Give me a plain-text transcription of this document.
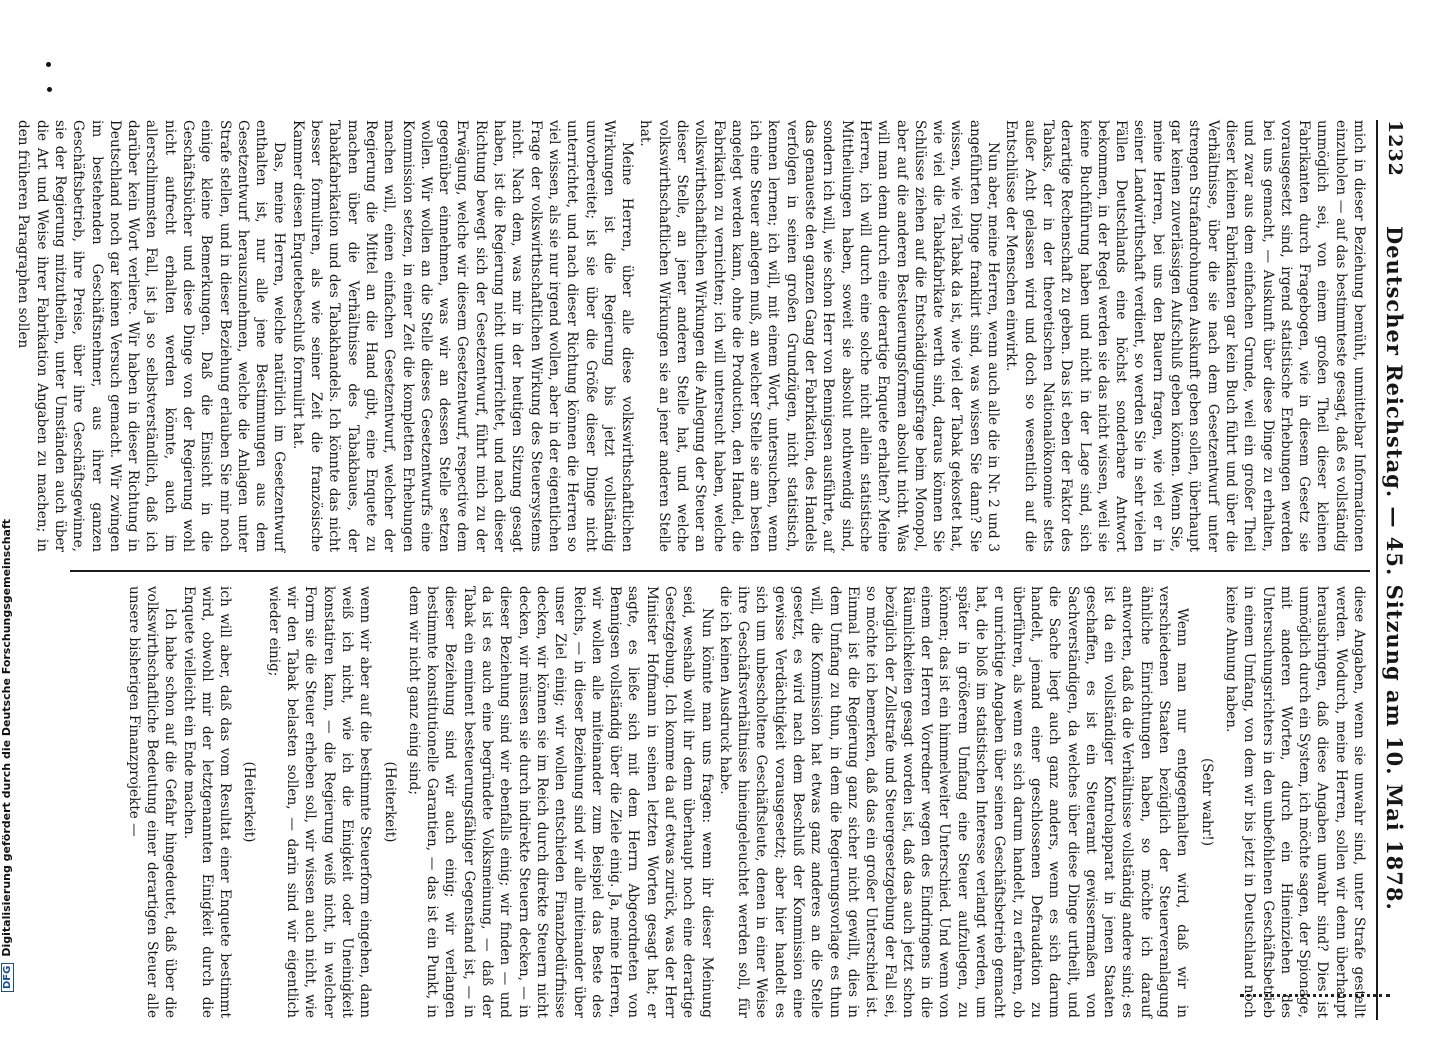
1232
Deutscher Reichstag. — 45. Sitzung am 10. Mai 1878.

mich in dieser Beziehung bemüht, unmittelbar Informationen einzuholen — auf das bestimmteste gesagt, daß es vollständig unmöglich sei, von einem großen Theil dieser kleinen Fabrikanten durch Fragebogen, wie in diesem Gesetz sie vorausgesetzt sind, irgend statistische Erhebungen werden bei uns gemacht, — Auskunft über diese Dinge zu erhalten, und zwar aus dem einfachen Grunde, weil ein großer Theil dieser kleinen Fabrikanten gar kein Buch führt und über die Verhältnisse, über die sie nach dem Gesetzentwurf unter strengen Strafandrohungen Auskunft geben sollen, überhaupt gar keinen zuverlässigen Aufschluß geben können. Wenn Sie, meine Herren, bei uns den Bauern fragen, wie viel er in seiner Landwirthschaft verdient, so werden Sie in sehr vielen Fällen Deutschlands eine höchst sonderbare Antwort bekommen, in der Regel werden sie das nicht wissen, weil sie keine Buchführung haben und nicht in der Lage sind, sich derartige Rechenschaft zu geben. Das ist eben der Faktor des Tabaks, der in der theoretischen Nationalökonomie stets außer Acht gelassen wird und doch so wesentlich auf die Entschlüsse der Menschen einwirkt.

Nun aber, meine Herren, wenn auch alle die in Nr. 2 und 3 angeführten Dinge franklirt sind, was wissen Sie dann? Sie wissen, wie viel Tabak da ist, wie viel der Tabak gekostet hat, wie viel die Tabakfabrikate werth sind, daraus können Sie Schlüsse ziehen auf die Entschädigungsfrage beim Monopol, aber auf die anderen Besteuerungsformen absolut nicht. Was will man denn durch eine derartige Enquete erhalten? Meine Herren, ich will durch eine solche nicht allein statistische Mittheilungen haben, soweit sie absolut nothwendig sind, sondern ich will, wie schon Herr von Bennigsen ausführte, auf das genaueste den ganzen Gang der Fabrikation, des Handels verfolgen in seinen großen Grundzügen, nicht statistisch, kennen lernen; ich will, mit einem Wort, untersuchen, wenn ich eine Steuer anlegen muß, an welcher Stelle sie am besten angelegt werden kann, ohne die Production, den Handel, die Fabrikation zu vernichten; ich will untersucht haben, welche volkswirthschaftlichen Wirkungen die Anlegung der Steuer an dieser Stelle, an jener anderen Stelle hat, und welche volkswirthschaftlichen Wirkungen sie an jener anderen Stelle hat.

Meine Herren, über alle diese volkswirthschaftlichen Wirkungen ist die Regierung bis jetzt vollständig unvorbereitet; ist sie über die Größe dieser Dinge nicht unterrichtet, und nach dieser Richtung können die Herren so viel wissen, als sie nur irgend wollen, aber in der eigentlichen Frage der volkswirthschaftlichen Wirkung des Steuersystems nicht. Nach dem, was mir in der heutigen Sitzung gesagt haben, ist die Regierung nicht unterrichtet, und nach dieser Richtung bewegt sich der Gesetzentwurf, führt mich zu der Erwägung, welche wir diesem Gesetzentwurf, respective dem gegenüber einnehmen, was wir an dessen Stelle setzen wollen. Wir wollen an die Stelle dieses Gesetzentwurfs eine Kommission setzen, in einer Zeit die kompletten Erhebungen machen will, einen einfachen Gesetzentwurf, welcher der Regierung die Mittel an die Hand gibt, eine Enquete zu machen über die Verhältnisse des Tabakbaues, der Tabakfabrikation und des Tabakhandels. Ich könnte das nicht besser formuliren, als wie seiner Zeit die französische Kammer diesen Enquetebeschluß formulirt hat.

Das, meine Herren, welche natürlich im Gesetzentwurf enthalten ist, nur alle jene Bestimmungen aus dem Gesetzentwurf herauszunehmen, welche die Anlagen unter Strafe stellen, und in dieser Beziehung erlauben Sie mir noch einige kleine Bemerkungen. Daß die Einsicht in die Geschäftsbücher und diese Dinge von der Regierung wohl nicht aufrecht erhalten werden könnte, auch im allerschlimmsten Fall, ist ja so selbstverständlich, daß ich darüber kein Wort verliere. Wir haben in dieser Richtung in Deutschland noch gar keinen Versuch gemacht. Wir zwingen im bestehenden Geschäftsnehmer, aus ihrer ganzen Geschäftsbetrieb, ihre Preise, über ihre Geschäftsgewinne, sie der Regierung mitzutheilen, unter Umständen auch über die Art und Weise ihrer Fabrikation Angaben zu machen; in den früheren Paragraphen sollen

diese Angaben, wenn sie unwahr sind, unter Strafe gestellt werden. Wodurch, meine Herren, sollen wir denn überhaupt herausbringen, daß diese Angaben unwahr sind? Dies ist unmöglich durch ein System, ich möchte sagen, der Spionage, mit anderen Worten, durch ein Hineinziehen des Untersuchungsrichters in den unbefohlenen Geschäftsbetrieb in einem Umfang, von dem wir bis jetzt in Deutschland noch keine Ahnung haben.

(Sehr wahr!)

Wenn man nur entgegenhalten wird, daß wir in verschiedenen Staaten bezüglich der Steuerveranlagung ähnliche Einrichtungen haben, so möchte ich darauf antworten, daß da die Verhältnisse vollständig andere sind; es ist da ein vollständiger Kontrolapparat in jenen Staaten geschaffen, es ist ein Steueramt gewissermaßen von Sachverständigen, da welches über diese Dinge urtheilt, und die Sache liegt auch ganz anders, wenn es sich darum handelt, jemand einer geschlossenen Defraudation zu überführen, als wenn es sich darum handelt, zu erfahren, ob er unrichtige Angaben über seinen Geschäftsbetrieb gemacht hat, die bloß im statistischen Interesse verlangt werden, um später in größerem Umfang eine Steuer aufzulegen, zu können; das ist ein himmelweiter Unterschied. Und wenn von einem der Herren Vorredner wegen des Eindringens in die Räumlichkeiten gesagt worden ist, daß das auch jetzt schon bezüglich der Zollstrafe und Steuergesetzgebung der Fall sei, so möchte ich bemerken, daß das ein großer Unterschied ist. Einmal ist die Regierung ganz sicher nicht gewillt, dies in dem Umfang zu thun, in dem die Regierungsvorlage es thun will, die Kommission hat etwas ganz anderes an die Stelle gesetzt, es wird nach dem Beschluß der Kommission eine gewisse Verdächtigkeit vorausgesetzt; aber hier handelt es sich um unbescholtene Geschäftsleute, denen in einer Weise ihre Geschäftsverhältnisse hineingeleuchtet werden soll, für die ich keinen Ausdruck habe.

Nun könnte man uns fragen: wenn ihr dieser Meinung seid, weshalb wollt ihr denn überhaupt noch eine derartige Gesetzgebung. Ich komme da auf etwas zurück, was der Herr Minister Hofmann in seinen letzten Worten gesagt hat; er sagte, es ließe sich mit dem Herrn Abgeordneten von Bennigsen vollständig über die Ziele einig. Ja, meine Herren, wir wollen alle miteinander zum Beispiel das Beste des Reichs, — in dieser Beziehung sind wir alle miteinander über unser Ziel einig; wir wollen entschieden Finanzbedürfnisse decken, wir können sie im Reich durch direkte Steuern nicht decken, wir müssen sie durch indirekte Steuern decken, — in dieser Beziehung sind wir ebenfalls einig; wir finden — und da ist es auch eine begründete Volksmeinung, — daß der Tabak ein eminent besteuerungsfähiger Gegenstand ist, — in dieser Beziehung sind wir auch einig; wir verlangen bestimmte konstitutionelle Garantien, — das ist ein Punkt, in dem wir nicht ganz einig sind;

(Heiterkeit)

wenn wir aber auf die bestimmte Steuerform eingehen, dann weiß ich nicht, wie ich die Einigkeit oder Uneinigkeit konstatiren kann, — die Regierung weiß nicht, in welcher Form sie die Steuer erheben soll, wir wissen auch nicht, wie wir den Tabak belasten sollen, — darin sind wir eigentlich wieder einig;

(Heiterkeit)

ich will aber, daß das vom Resultat einer Enquete bestimmt wird, obwohl mir der letztgenannten Einigkeit durch die Enquete vielleicht ein Ende machen.

Ich habe schon auf die Gefahr hingedeutet, daß über die volkswirthschaftliche Bedeutung einer derartigen Steuer alle unsere bisherigen Finanzprojekte —

DFGDigitalisierung gefördert durch die Deutsche Forschungsgemeinschaft
